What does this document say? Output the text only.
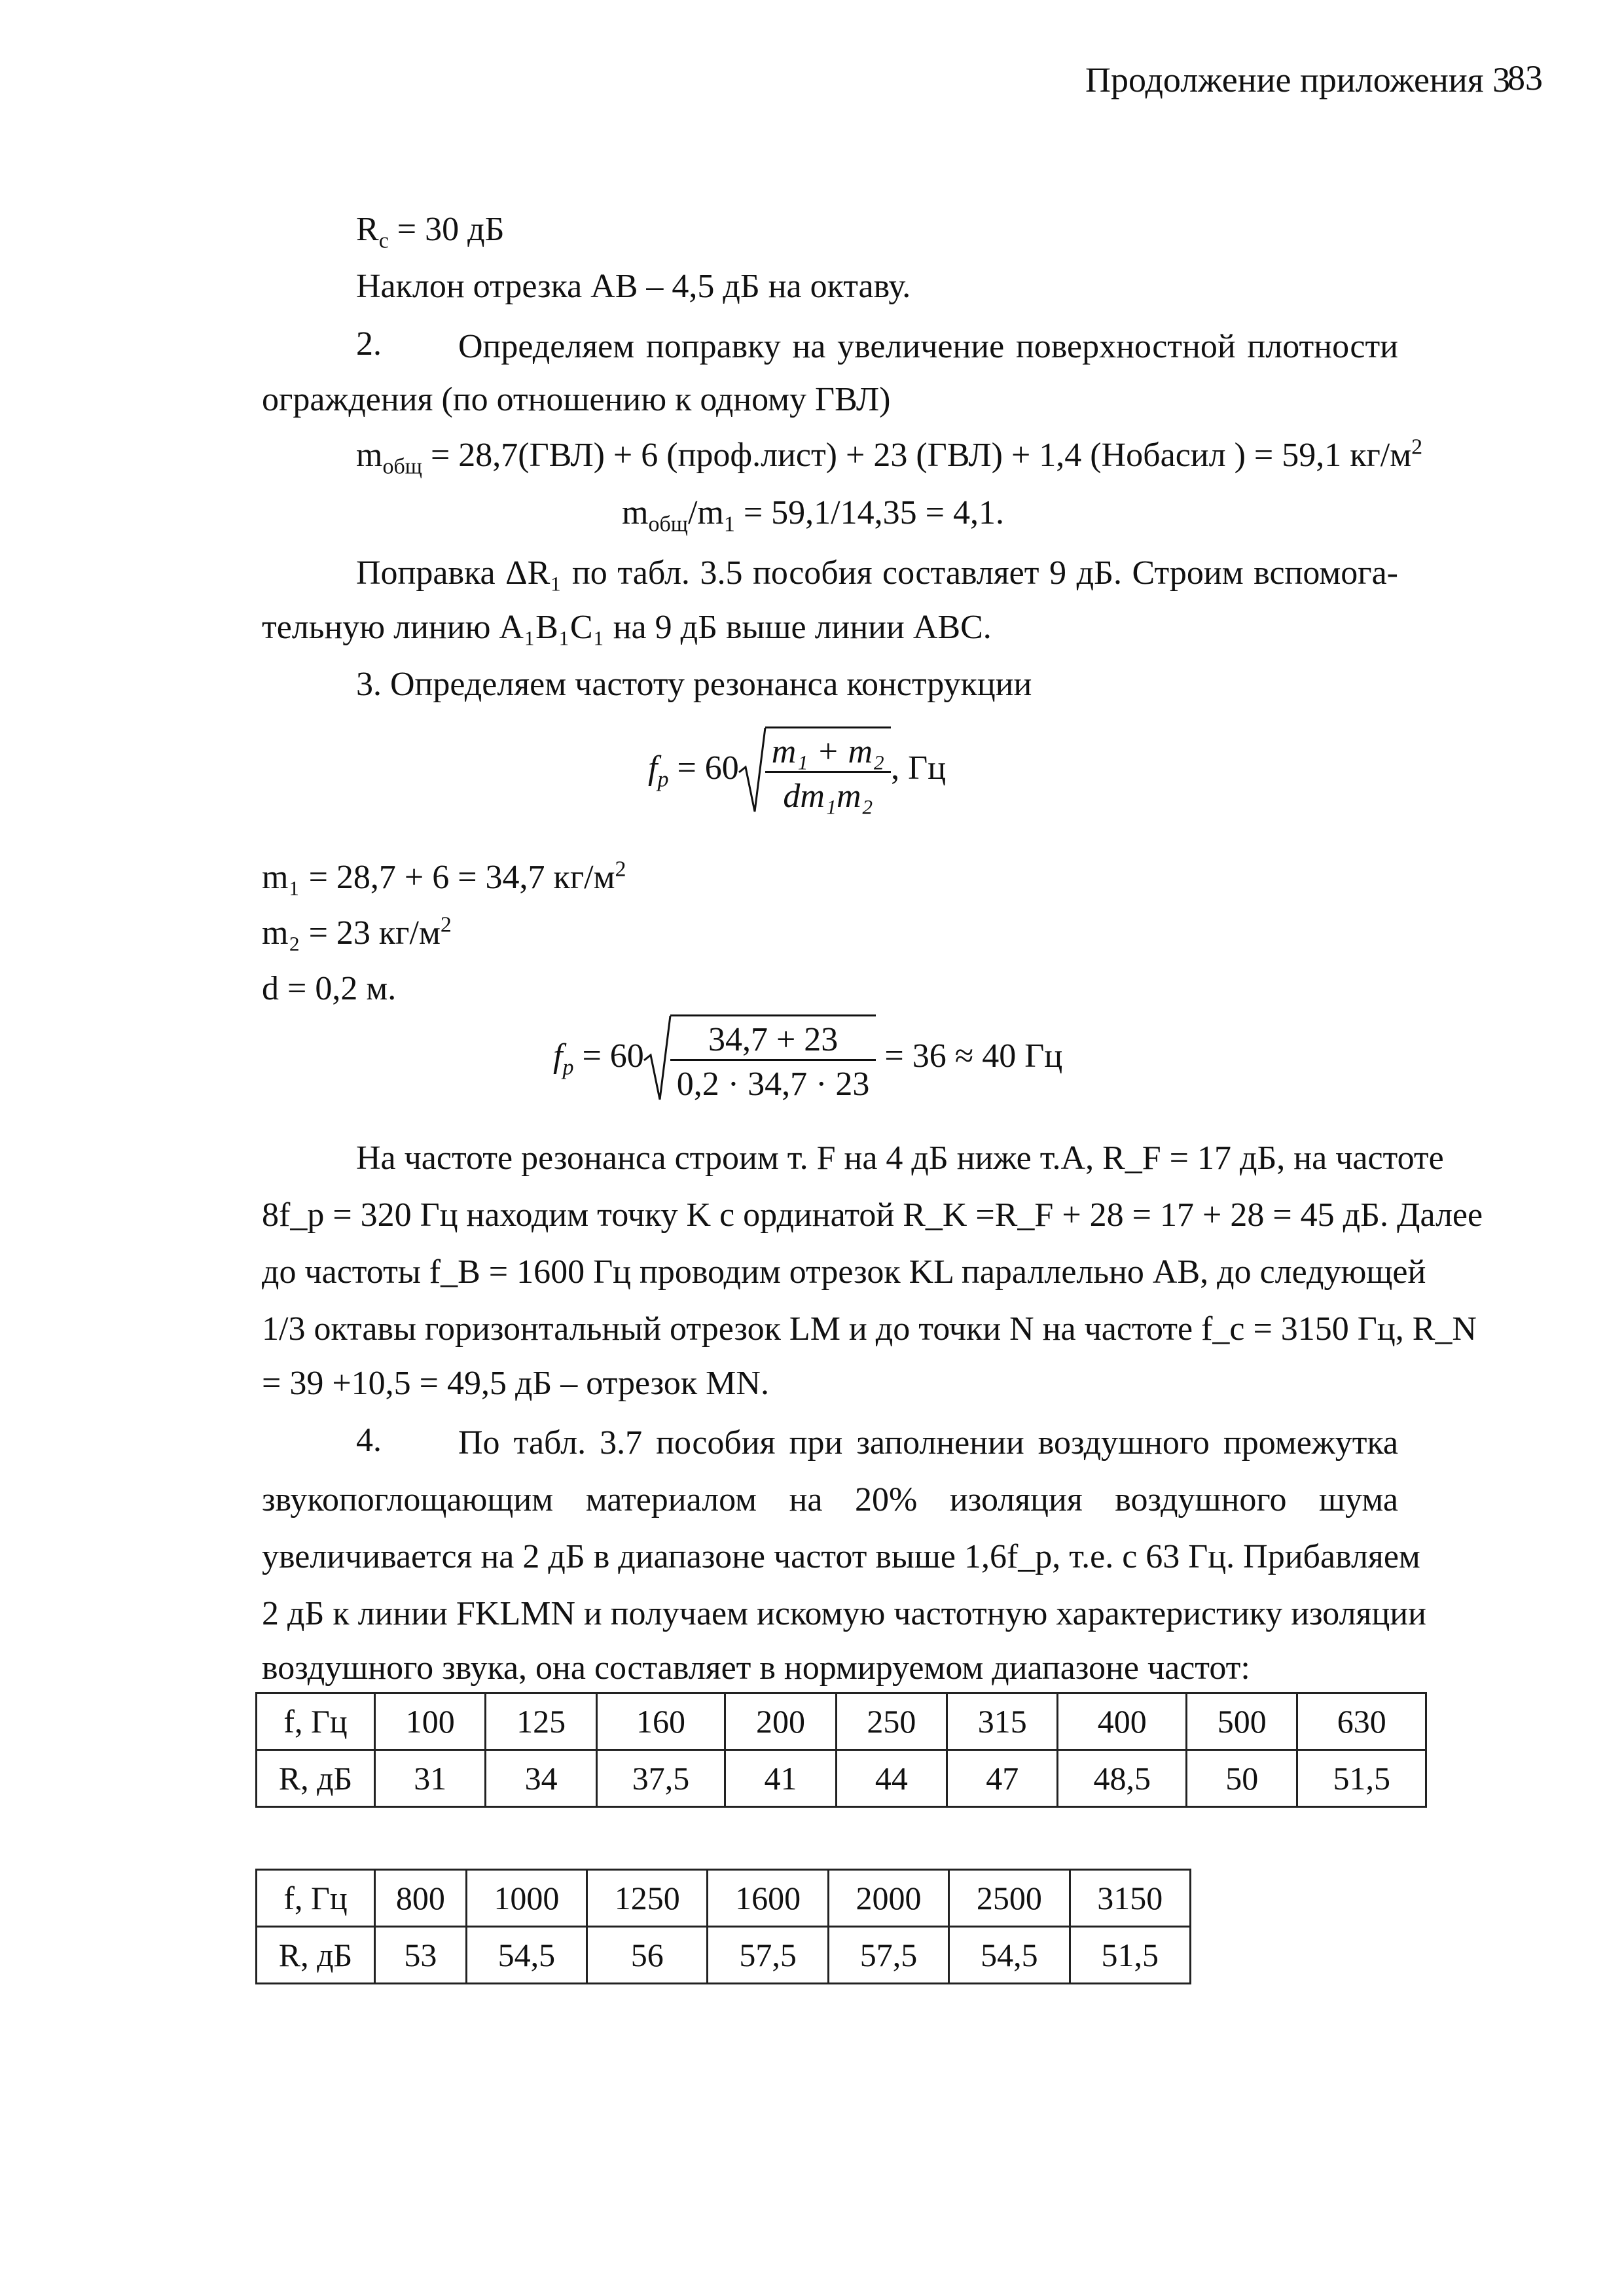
Продолжение приложения 3
83
$R_c = 30$ дБ
Наклон отрезка АВ – 4,5 дБ на октаву.
2. Определяем поправку на увеличение поверхностной плотности
ограждения (по отношению к одному ГВЛ)
$m_{общ} = 28,7(ГВЛ) + 6$ (проф.лист) + 23 (ГВЛ) + 1,4 (Нобасил ) = 59,1 $кг/м^2$
$m_{общ}/m_1 = 59,1/14,35 = 4,1$.
Поправка ΔR₁ по табл. 3.5 пособия составляет 9 дБ. Строим вспомога-
тельную линию А₁В₁С₁ на 9 дБ выше линии АВС.
3. Определяем частоту резонанса конструкции
$f_p = 60 \frac{\text{m₁ + m₂}}{\text{dm₁m₂}}$ , Гц
m₁ = 28,7 + 6 = 34,7 $кг/м^2$
m₂ = 23 $кг/м^2$
d = 0,2 м.
$f_p = 60 \frac{34,7 + 23}{0,2 \cdot 34,7 \cdot 23} = 36 \approx 40$ Гц
На частоте резонанса строим т. F на 4 дБ ниже т.А, R_F = 17 дБ, на частоте
8f_p = 320 Гц находим точку K с ординатой R_K =R_F + 28 = 17 + 28 = 45 дБ. Далее
до частоты f_B = 1600 Гц проводим отрезок KL параллельно АВ, до следующей
1/3 октавы горизонтальный отрезок LM и до точки N на частоте f_c = 3150 Гц, R_N
= 39 +10,5 = 49,5 дБ – отрезок MN.
4. По табл. 3.7 пособия при заполнении воздушного промежутка
звукопоглощающим материалом на 20% изоляция воздушного шума
увеличивается на 2 дБ в диапазоне частот выше 1,6f_p, т.е. с 63 Гц. Прибавляем
2 дБ к линии FKLMN и получаем искомую частотную характеристику изоляции
воздушного звука, она составляет в нормируемом диапазоне частот:
f, Гц	100	125	160	200	250	315	400	500	630
R, дБ	31	34	37,5	41	44	47	48,5	50	51,5
f, Гц	800	1000	1250	1600	2000	2500	3150
R, дБ	53	54,5	56	57,5	57,5	54,5	51,5
